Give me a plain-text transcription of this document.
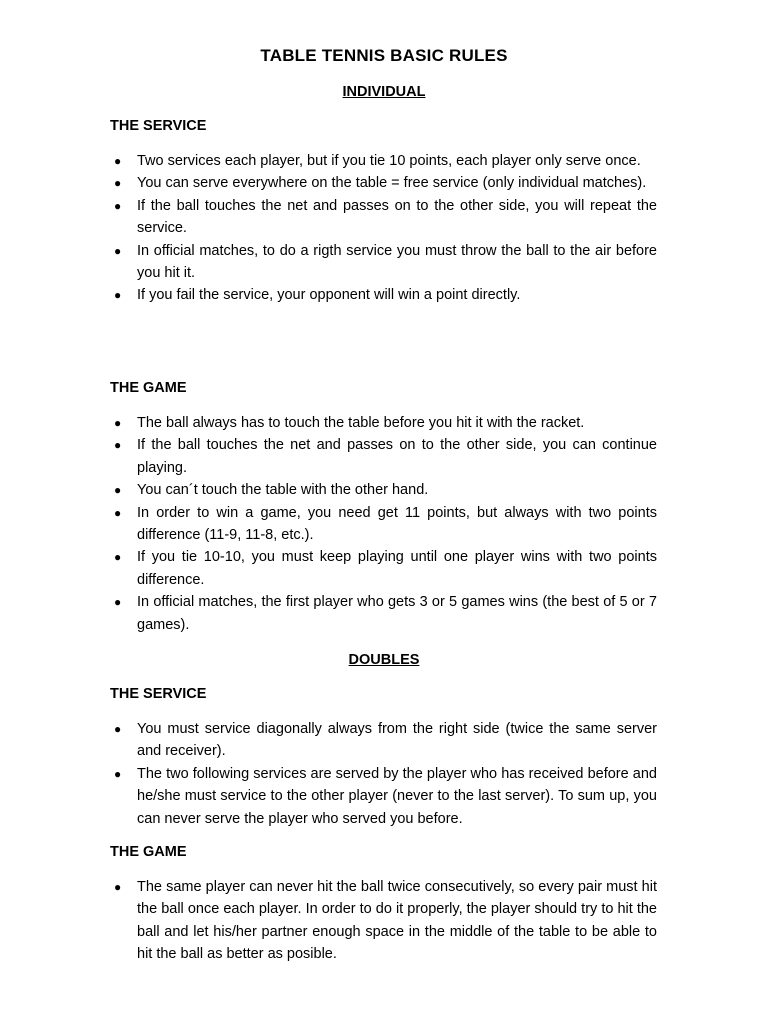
TABLE TENNIS BASIC RULES
INDIVIDUAL
THE SERVICE
●	Two services each player, but if you tie 10 points, each player only serve once.
●	You can serve everywhere on the table = free service (only individual matches).
●	If the ball touches the net and passes on to the other side, you will repeat the service.
●	In official matches, to do a rigth service you must throw the ball to the air before you hit it.
●	If you fail the service, your opponent will win a point directly.
THE GAME
●	The ball always has to touch the table before you hit it with the racket.
●	If the ball touches the net and passes on to the other side, you can continue playing.
●	You can´t touch the table with the other hand.
●	In order to win a game, you need get 11 points, but always with two points difference (11-9, 11-8, etc.).
●	If you tie 10-10, you must keep playing until one player wins with two points difference.
●	In official matches, the first player who gets 3 or 5 games wins (the best of 5 or 7 games).
DOUBLES
THE SERVICE
●	You must service diagonally always from the right side (twice the same server and receiver).
●	The two following services are served by the player who has received before and he/she must service to the other player (never to the last server). To sum up, you can never serve the player who served you before.
THE GAME
●	The same player can never hit the ball twice consecutively, so every pair must hit the ball once each player. In order to do it properly, the player should try to hit the ball and let his/her partner enough space in the middle of the table to be able to hit the ball as better as posible.
